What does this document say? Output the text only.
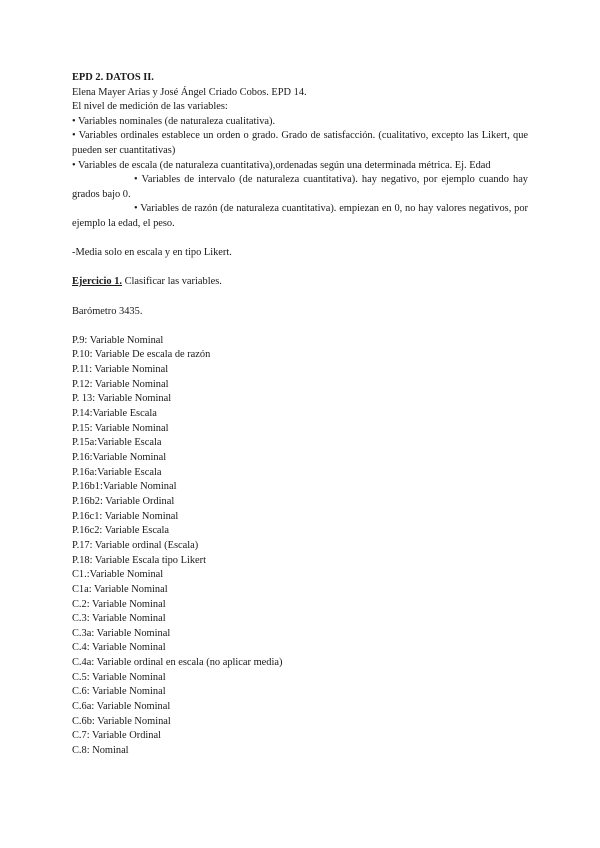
EPD 2. DATOS II.
Elena Mayer Arias y José Ángel Criado Cobos. EPD 14.
El nivel de medición de las variables:
• Variables nominales (de naturaleza cualitativa).
• Variables ordinales establece un orden o grado. Grado de satisfacción. (cualitativo, excepto las Likert, que pueden ser cuantitativas)
• Variables de escala (de naturaleza cuantitativa),ordenadas según una determinada métrica. Ej. Edad
• Variables de intervalo (de naturaleza cuantitativa). hay negativo, por ejemplo cuando hay grados bajo 0.
• Variables de razón (de naturaleza cuantitativa). empiezan en 0, no hay valores negativos, por ejemplo la edad, el peso.
-Media solo en escala y en tipo Likert.
Ejercicio 1. Clasificar las variables.
Barómetro 3435.
P.9: Variable Nominal
P.10: Variable De escala de razón
P.11: Variable Nominal
P.12: Variable Nominal
P. 13: Variable Nominal
P.14:Variable Escala
P.15: Variable Nominal
P.15a:Variable Escala
P.16:Variable Nominal
P.16a:Variable Escala
P.16b1:Variable Nominal
P.16b2: Variable Ordinal
P.16c1: Variable Nominal
P.16c2: Variable Escala
P.17: Variable ordinal (Escala)
P.18: Variable Escala tipo Likert
C1.:Variable Nominal
C1a: Variable Nominal
C.2: Variable Nominal
C.3: Variable Nominal
C.3a: Variable Nominal
C.4: Variable Nominal
C.4a: Variable ordinal en escala (no aplicar media)
C.5: Variable Nominal
C.6: Variable Nominal
C.6a: Variable Nominal
C.6b: Variable Nominal
C.7: Variable Ordinal
C.8: Nominal
